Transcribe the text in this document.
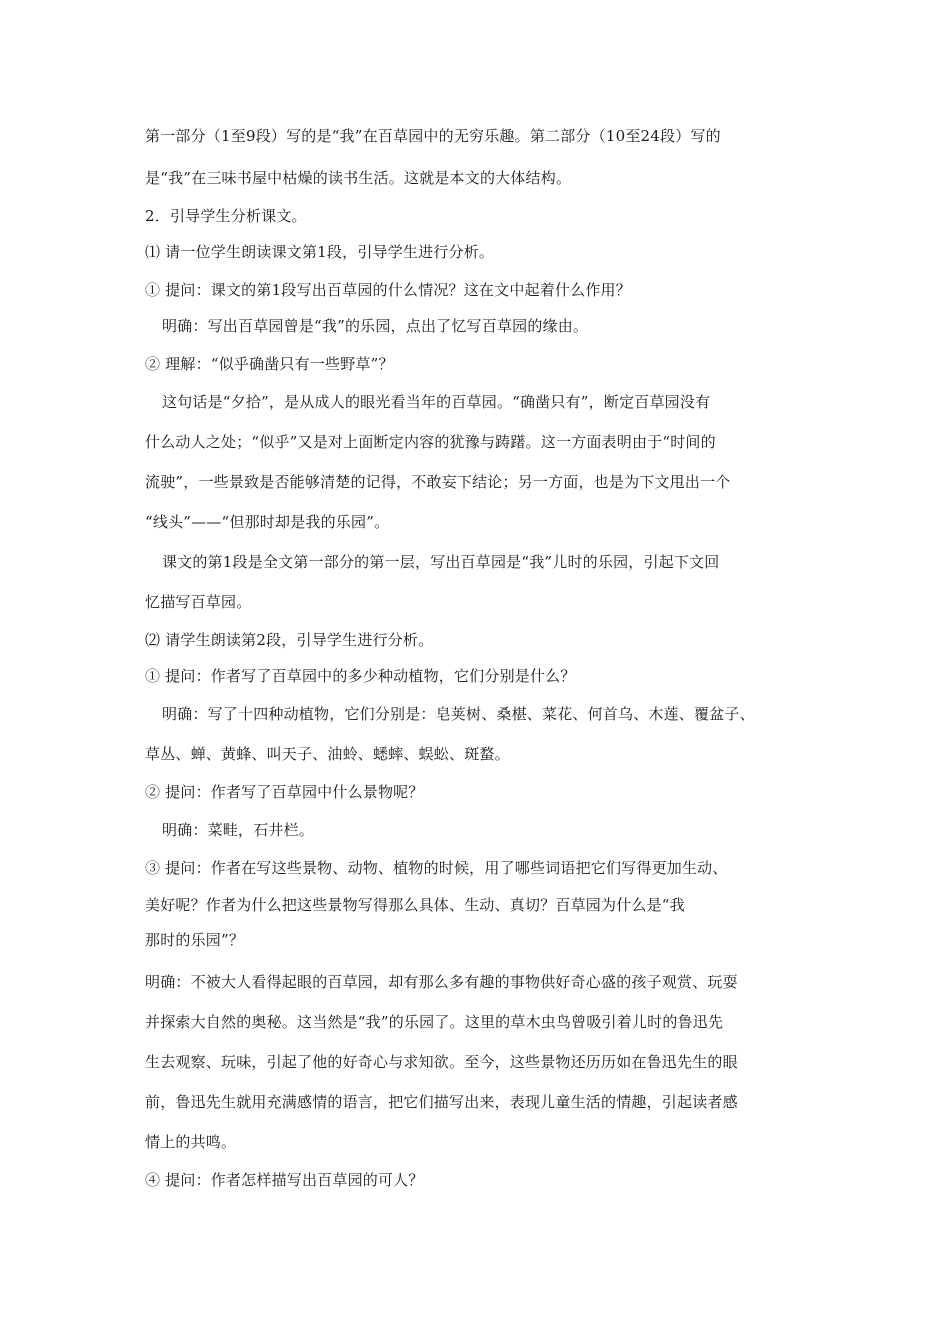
第一部分（1至9段）写的是“我”在百草园中的无穷乐趣。第二部分（10至24段）写的
是“我”在三味书屋中枯燥的读书生活。这就是本文的大体结构。
2．引导学生分析课文。
⑴ 请一位学生朗读课文第1段，引导学生进行分析。
① 提问：课文的第1段写出百草园的什么情况？这在文中起着什么作用？
明确：写出百草园曾是“我”的乐园，点出了忆写百草园的缘由。
② 理解：“似乎确凿只有一些野草”？
这句话是“夕拾”，是从成人的眼光看当年的百草园。“确凿只有”，断定百草园没有
什么动人之处；“似乎”又是对上面断定内容的犹豫与踌躇。这一方面表明由于“时间的
流驶”，一些景致是否能够清楚的记得，不敢妄下结论；另一方面，也是为下文甩出一个
“线头”——“但那时却是我的乐园”。
课文的第1段是全文第一部分的第一层，写出百草园是“我”儿时的乐园，引起下文回
忆描写百草园。
⑵ 请学生朗读第2段，引导学生进行分析。
① 提问：作者写了百草园中的多少种动植物，它们分别是什么？
明确：写了十四种动植物，它们分别是：皂荚树、桑椹、菜花、何首乌、木莲、覆盆子、
草丛、蝉、黄蜂、叫天子、油蛉、蟋蟀、蜈蚣、斑蝥。
② 提问：作者写了百草园中什么景物呢？
明确：菜畦，石井栏。
③ 提问：作者在写这些景物、动物、植物的时候，用了哪些词语把它们写得更加生动、
美好呢？作者为什么把这些景物写得那么具体、生动、真切？百草园为什么是“我
那时的乐园”？
明确：不被大人看得起眼的百草园，却有那么多有趣的事物供好奇心盛的孩子观赏、玩耍
并探索大自然的奥秘。这当然是“我”的乐园了。这里的草木虫鸟曾吸引着儿时的鲁迅先
生去观察、玩味，引起了他的好奇心与求知欲。至今，这些景物还历历如在鲁迅先生的眼
前，鲁迅先生就用充满感情的语言，把它们描写出来，表现儿童生活的情趣，引起读者感
情上的共鸣。
④ 提问：作者怎样描写出百草园的可人？
